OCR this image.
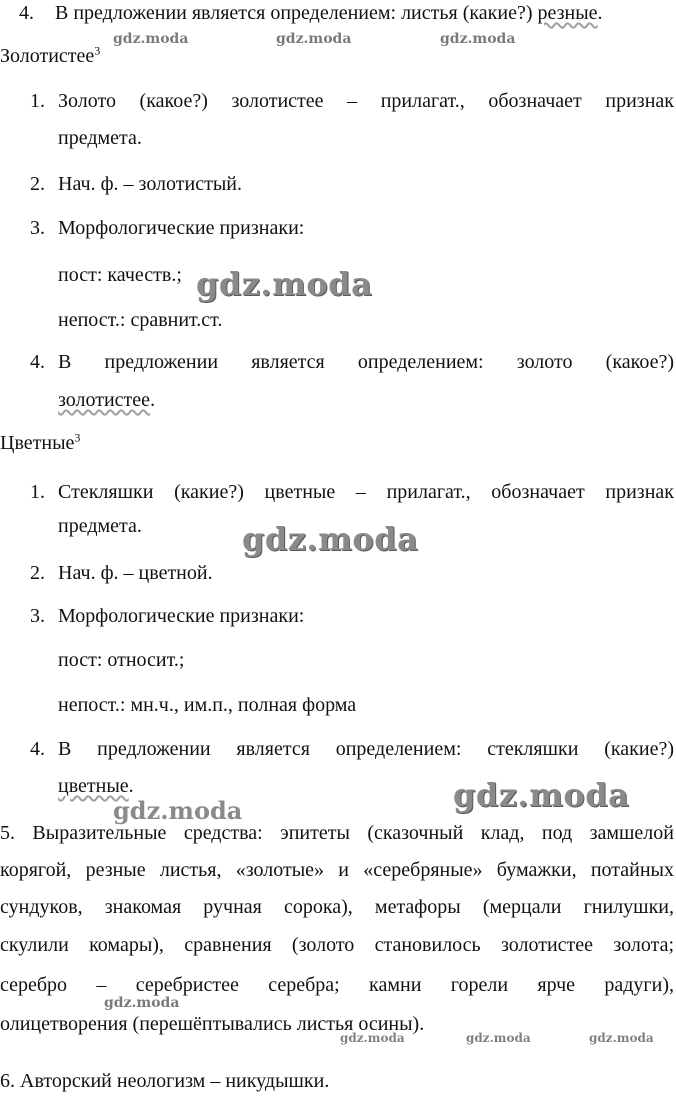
4. В предложении является определением: листья (какие?) резные.
Золотистее$^3$
1. Золото (какое?) золотистее – прилагат., обозначает признак
предмета.
2. Нач. ф. – золотистый.
3. Морфологические признаки:
пост: качеств.;
непост.: сравнит.ст.
4. В предложении является определением: золото (какое?)
золотистее.
Цветные$^3$
1. Стекляшки (какие?) цветные – прилагат., обозначает признак
предмета.
2. Нач. ф. – цветной.
3. Морфологические признаки:
пост: относит.;
непост.: мн.ч., им.п., полная форма
4. В предложении является определением: стекляшки (какие?)
цветные.
5. Выразительные средства: эпитеты (сказочный клад, под замшелой
корягой, резные листья, «золотые» и «серебряные» бумажки, потайных
сундуков, знакомая ручная сорока), метафоры (мерцали гнилушки,
скулили комары), сравнения (золото становилось золотистее золота;
серебро – серебристее серебра; камни горели ярче радуги),
олицетворения (перешёптывались листья осины).
6. Авторский неологизм – никудышки.
gdz.moda	gdz.moda	gdz.moda
gdz.moda
gdz.moda
gdz.moda
gdz.moda
gdz.moda
gdz.moda	gdz.moda	gdz.moda
